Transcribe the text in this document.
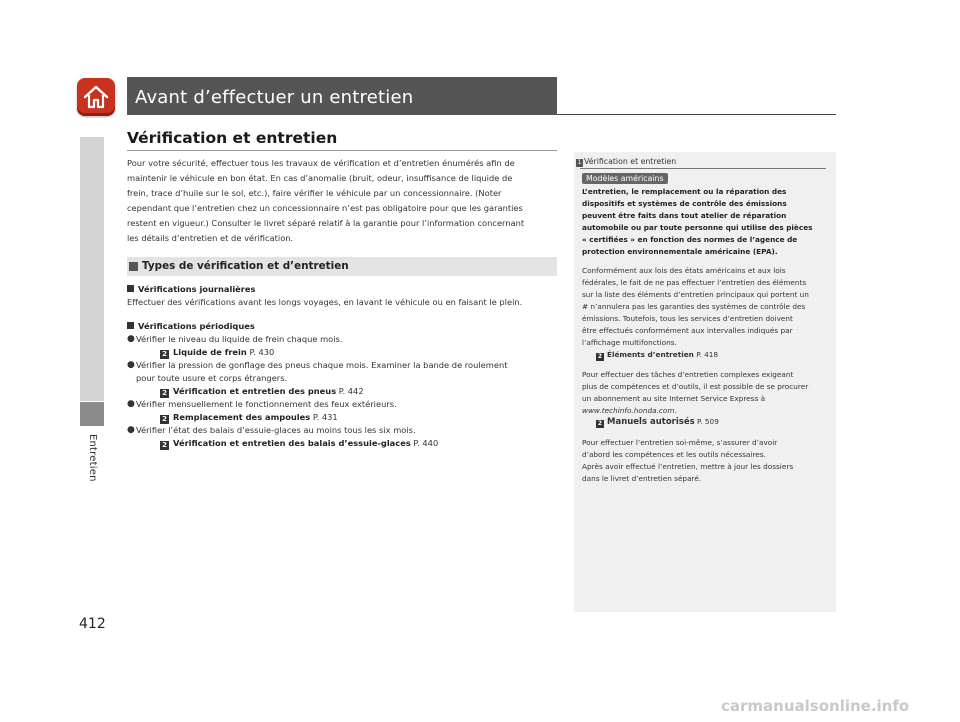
Entretien
412
Avant d’effectuer un entretien
Vérification et entretien
Pour votre sécurité, effectuer tous les travaux de vérification et d’entretien énumérés afin de
maintenir le véhicule en bon état. En cas d’anomalie (bruit, odeur, insuffisance de liquide de
frein, trace d’huile sur le sol, etc.), faire vérifier le véhicule par un concessionnaire. (Noter
cependant que l’entretien chez un concessionnaire n’est pas obligatoire pour que les garanties
restent en vigueur.) Consulter le livret séparé relatif à la garantie pour l’information concernant
les détails d’entretien et de vérification.
Types de vérification et d’entretien
Vérifications journalières
Effectuer des vérifications avant les longs voyages, en lavant le véhicule ou en faisant le plein.
Vérifications périodiques
● Vérifier le niveau du liquide de frein chaque mois.
2 Liquide de frein P. 430
● Vérifier la pression de gonflage des pneus chaque mois. Examiner la bande de roulement
pour toute usure et corps étrangers.
2 Vérification et entretien des pneus P. 442
● Vérifier mensuellement le fonctionnement des feux extérieurs.
2 Remplacement des ampoules P. 431
● Vérifier l’état des balais d’essuie-glaces au moins tous les six mois.
2 Vérification et entretien des balais d’essuie-glaces P. 440
1 Vérification et entretien
Modèles américains

L’entretien, le remplacement ou la réparation des
dispositifs et systèmes de contrôle des émissions
peuvent être faits dans tout atelier de réparation
automobile ou par toute personne qui utilise des pièces
« certifiées » en fonction des normes de l’agence de
protection environnementale américaine (EPA).

Conformément aux lois des états américains et aux lois
fédérales, le fait de ne pas effectuer l’entretien des éléments
sur la liste des éléments d’entretien principaux qui portent un
# n’annulera pas les garanties des systèmes de contrôle des
émissions. Toutefois, tous les services d’entretien doivent
être effectués conformément aux intervalles indiqués par
l’affichage multifonctions.
2 Éléments d’entretien P. 418

Pour effectuer des tâches d’entretien complexes exigeant
plus de compétences et d’outils, il est possible de se procurer
un abonnement au site Internet Service Express à
www.techinfo.honda.com.
2 Manuels autorisés P. 509

Pour effectuer l’entretien soi-même, s’assurer d’avoir
d’abord les compétences et les outils nécessaires.
Après avoir effectué l’entretien, mettre à jour les dossiers
dans le livret d’entretien séparé.

carmanualsonline.info
